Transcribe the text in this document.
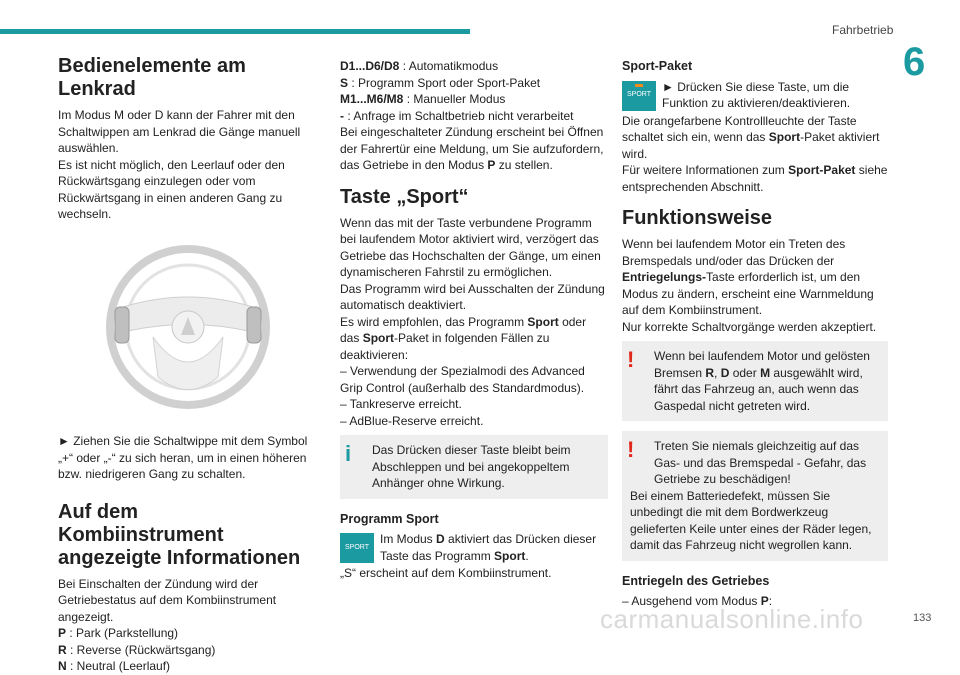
Fahrbetrieb
6
Bedienelemente am Lenkrad

Im Modus M oder D kann der Fahrer mit den Schaltwippen am Lenkrad die Gänge manuell auswählen.
Es ist nicht möglich, den Leerlauf oder den Rückwärtsgang einzulegen oder vom Rückwärtsgang in einen anderen Gang zu wechseln.

► Ziehen Sie die Schaltwippe mit dem Symbol „+“ oder „-“ zu sich heran, um in einen höheren bzw. niedrigeren Gang zu schalten.

Auf dem Kombiinstrument angezeigte Informationen

Bei Einschalten der Zündung wird der Getriebestatus auf dem Kombiinstrument angezeigt.

P : Park (Parkstellung)
R : Reverse (Rückwärtsgang)
N : Neutral (Leerlauf)
D1...D6/D8 : Automatikmodus
S : Programm Sport oder Sport-Paket
M1...M6/M8 : Manueller Modus
- : Anfrage im Schaltbetrieb nicht verarbeitet

Bei eingeschalteter Zündung erscheint bei Öffnen der Fahrertür eine Meldung, um Sie aufzufordern, das Getriebe in den Modus P zu stellen.

Taste „Sport“

Wenn das mit der Taste verbundene Programm bei laufendem Motor aktiviert wird, verzögert das Getriebe das Hochschalten der Gänge, um einen dynamischeren Fahrstil zu ermöglichen.
Das Programm wird bei Ausschalten der Zündung automatisch deaktiviert.

Es wird empfohlen, das Programm Sport oder das Sport-Paket in folgenden Fällen zu deaktivieren:

– Verwendung der Spezialmodi des Advanced Grip Control (außerhalb des Standardmodus).

– Tankreserve erreicht.

– AdBlue-Reserve erreicht.

i	Das Drücken dieser Taste bleibt beim Abschleppen und bei angekoppeltem Anhänger ohne Wirkung.

Programm Sport
SPORT

Im Modus D aktiviert das Drücken dieser Taste das Programm Sport.

„S“ erscheint auf dem Kombiinstrument.

Sport-Paket
SPORT

► Drücken Sie diese Taste, um die Funktion zu aktivieren/deaktivieren.

Die orangefarbene Kontrollleuchte der Taste schaltet sich ein, wenn das Sport-Paket aktiviert wird.

Für weitere Informationen zum Sport-Paket siehe entsprechenden Abschnitt.

Funktionsweise

Wenn bei laufendem Motor ein Treten des Bremspedals und/oder das Drücken der Entriegelungs-Taste erforderlich ist, um den Modus zu ändern, erscheint eine Warnmeldung auf dem Kombiinstrument.

Nur korrekte Schaltvorgänge werden akzeptiert.

!	Wenn bei laufendem Motor und gelösten Bremsen R, D oder M ausgewählt wird, fährt das Fahrzeug an, auch wenn das Gaspedal nicht getreten wird.

!	Treten Sie niemals gleichzeitig auf das Gas- und das Bremspedal - Gefahr, das Getriebe zu beschädigen!

Bei einem Batteriedefekt, müssen Sie unbedingt die mit dem Bordwerkzeug gelieferten Keile unter eines der Räder legen, damit das Fahrzeug nicht wegrollen kann.

Entriegeln des Getriebes

– Ausgehend vom Modus P:

carmanualsonline.info	133
